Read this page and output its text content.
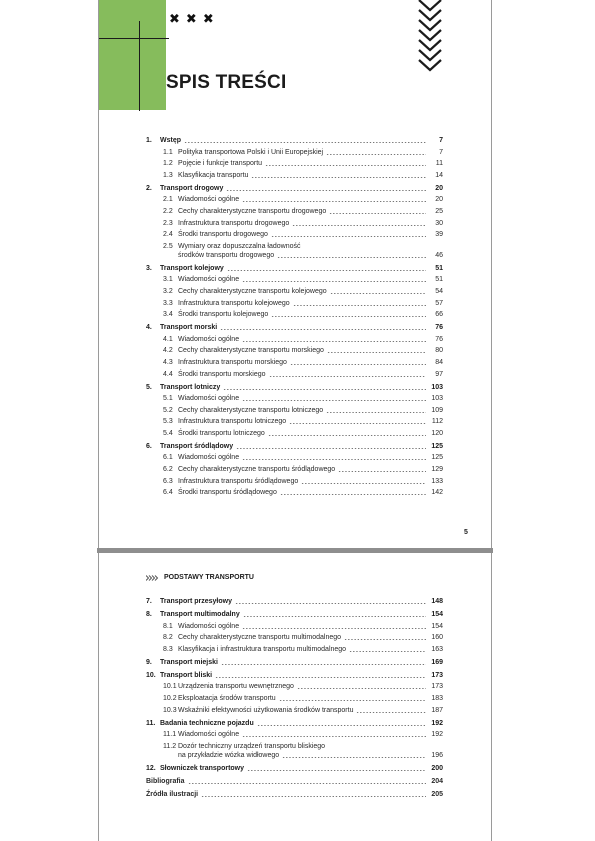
✖ ✖ ✖
SPIS TREŚCI
1.	Wstęp	7
1.1 Polityka transportowa Polski i Unii Europejskiej	7
1.2 Pojęcie i funkcje transportu	11
1.3 Klasyfikacja transportu	14
2.	Transport drogowy	20
2.1 Wiadomości ogólne	20
2.2 Cechy charakterystyczne transportu drogowego	25
2.3 Infrastruktura transportu drogowego	30
2.4 Środki transportu drogowego	39
2.5 Wymiary oraz dopuszczalna ładowność
środków transportu drogowego	46
3.	Transport kolejowy	51
3.1 Wiadomości ogólne	51
3.2 Cechy charakterystyczne transportu kolejowego	54
3.3 Infrastruktura transportu kolejowego	57
3.4 Środki transportu kolejowego	66
4.	Transport morski	76
4.1 Wiadomości ogólne	76
4.2 Cechy charakterystyczne transportu morskiego	80
4.3 Infrastruktura transportu morskiego	84
4.4 Środki transportu morskiego	97
5.	Transport lotniczy	103
5.1 Wiadomości ogólne	103
5.2 Cechy charakterystyczne transportu lotniczego	109
5.3 Infrastruktura transportu lotniczego	112
5.4 Środki transportu lotniczego	120
6.	Transport śródlądowy	125
6.1 Wiadomości ogólne	125
6.2 Cechy charakterystyczne transportu śródlądowego	129
6.3 Infrastruktura transportu śródlądowego	133
6.4 Środki transportu śródlądowego	142
5
PODSTAWY TRANSPORTU
7.	Transport przesyłowy	148
8.	Transport multimodalny	154
8.1 Wiadomości ogólne	154
8.2 Cechy charakterystyczne transportu multimodalnego	160
8.3 Klasyfikacja i infrastruktura transportu multimodalnego	163
9.	Transport miejski	169
10. Transport bliski	173
10.1 Urządzenia transportu wewnętrznego	173
10.2 Eksploatacja środów transportu	183
10.3 Wskaźniki efektywności użytkowania środków transportu	187
11. Badania techniczne pojazdu	192
11.1 Wiadomości ogólne	192
11.2 Dozór techniczny urządzeń transportu bliskiego
na przykładzie wózka widłowego	196
12. Słowniczek transportowy	200
Bibliografia	204
Źródła ilustracji	205
